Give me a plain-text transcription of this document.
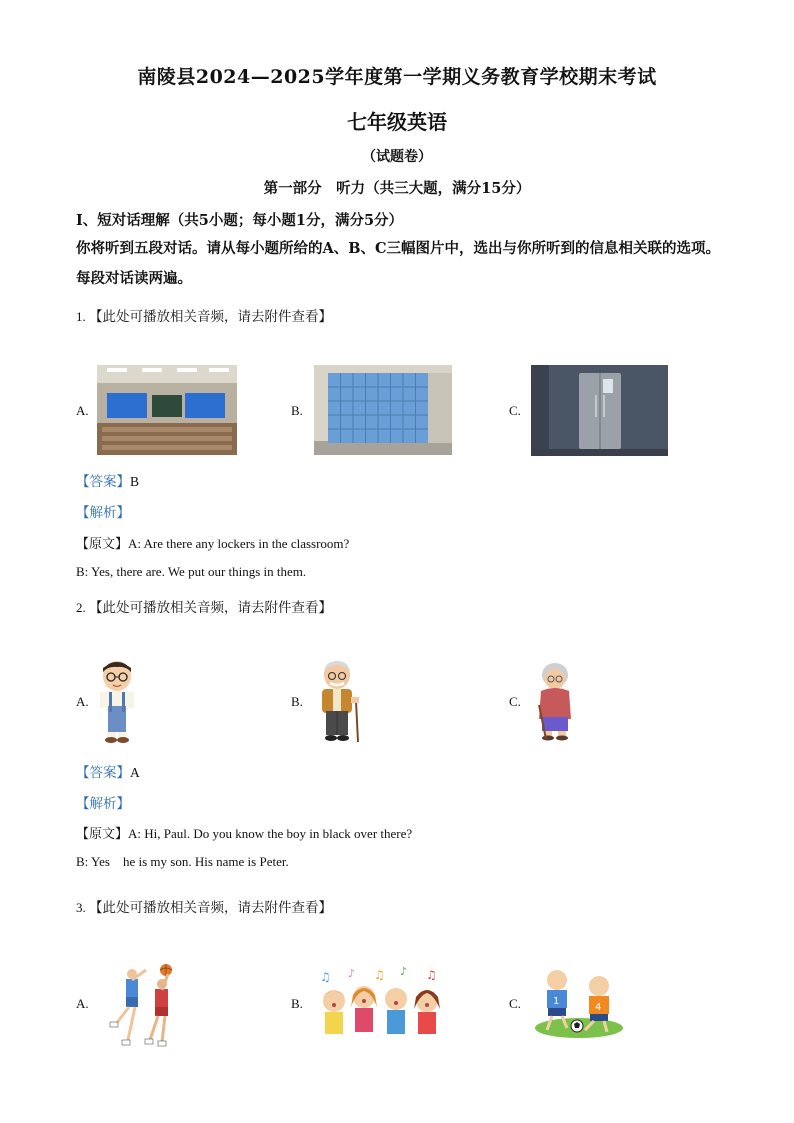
南陵县2024—2025学年度第一学期义务教育学校期末考试
七年级英语
（试题卷）
第一部分　听力（共三大题，满分15分）
I、短对话理解（共5小题；每小题1分，满分5分）
你将听到五段对话。请从每小题所给的A、B、C三幅图片中，选出与你所听到的信息相关联的选项。每段对话读两遍。
1. 【此处可播放相关音频，请去附件查看】
A.	B.	C.
【答案】B
【解析】
【原文】A: Are there any lockers in the classroom?
B: Yes, there are. We put our things in them.
2. 【此处可播放相关音频，请去附件查看】
A.	B.	C.
【答案】A
【解析】
【原文】A: Hi, Paul. Do you know the boy in black over there?
B: Yes he is my son. His name is Peter.
3. 【此处可播放相关音频，请去附件查看】
A.	B.
♫ ♪ ♫ ♪ ♫
C.	1
4
